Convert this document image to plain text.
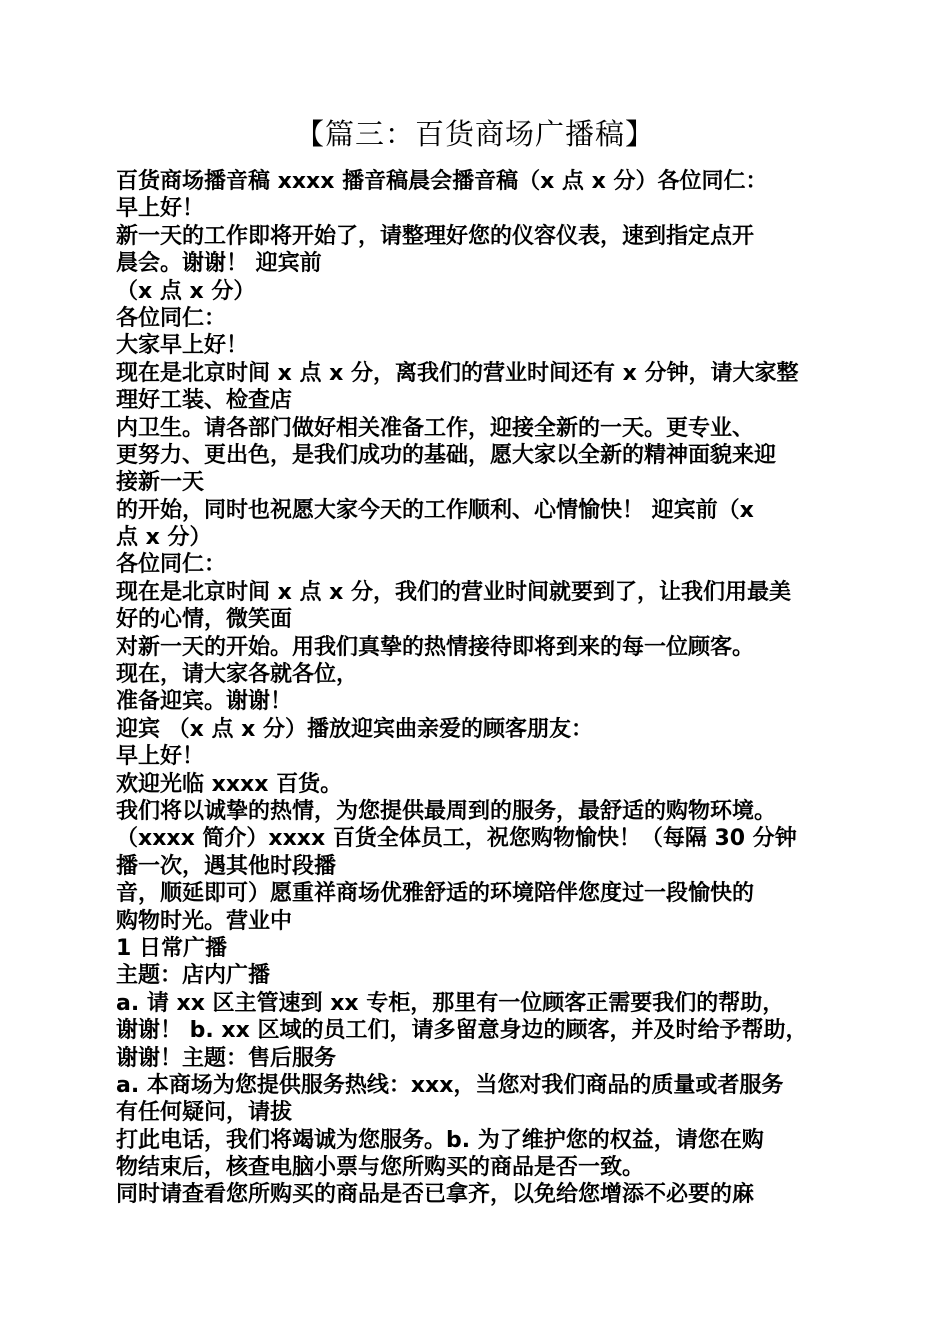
【篇三：百货商场广播稿】
百货商场播音稿 xxxx 播音稿晨会播音稿（x 点 x 分）各位同仁：
早上好！
新一天的工作即将开始了，请整理好您的仪容仪表，速到指定点开
晨会。谢谢！ 迎宾前
（x 点 x 分）
各位同仁：
大家早上好！
现在是北京时间 x 点 x 分，离我们的营业时间还有 x 分钟，请大家整
理好工装、检查店
内卫生。请各部门做好相关准备工作，迎接全新的一天。更专业、
更努力、更出色，是我们成功的基础，愿大家以全新的精神面貌来迎
接新一天
的开始，同时也祝愿大家今天的工作顺利、心情愉快！ 迎宾前（x
点 x 分）
各位同仁：
现在是北京时间 x 点 x 分，我们的营业时间就要到了，让我们用最美
好的心情，微笑面
对新一天的开始。用我们真挚的热情接待即将到来的每一位顾客。
现在，请大家各就各位，
准备迎宾。谢谢！
迎宾 （x 点 x 分）播放迎宾曲亲爱的顾客朋友：
早上好！
欢迎光临 xxxx 百货。
我们将以诚挚的热情，为您提供最周到的服务，最舒适的购物环境。
（xxxx 简介）xxxx 百货全体员工，祝您购物愉快！（每隔 30 分钟
播一次，遇其他时段播
音，顺延即可）愿重祥商场优雅舒适的环境陪伴您度过一段愉快的
购物时光。营业中
1 日常广播
主题：店内广播
a. 请 xx 区主管速到 xx 专柜，那里有一位顾客正需要我们的帮助，
谢谢！ b. xx 区域的员工们，请多留意身边的顾客，并及时给予帮助，
谢谢！主题：售后服务
a. 本商场为您提供服务热线：xxx，当您对我们商品的质量或者服务
有任何疑问，请拔
打此电话，我们将竭诚为您服务。b. 为了维护您的权益，请您在购
物结束后，核查电脑小票与您所购买的商品是否一致。
同时请查看您所购买的商品是否已拿齐，以免给您增添不必要的麻
